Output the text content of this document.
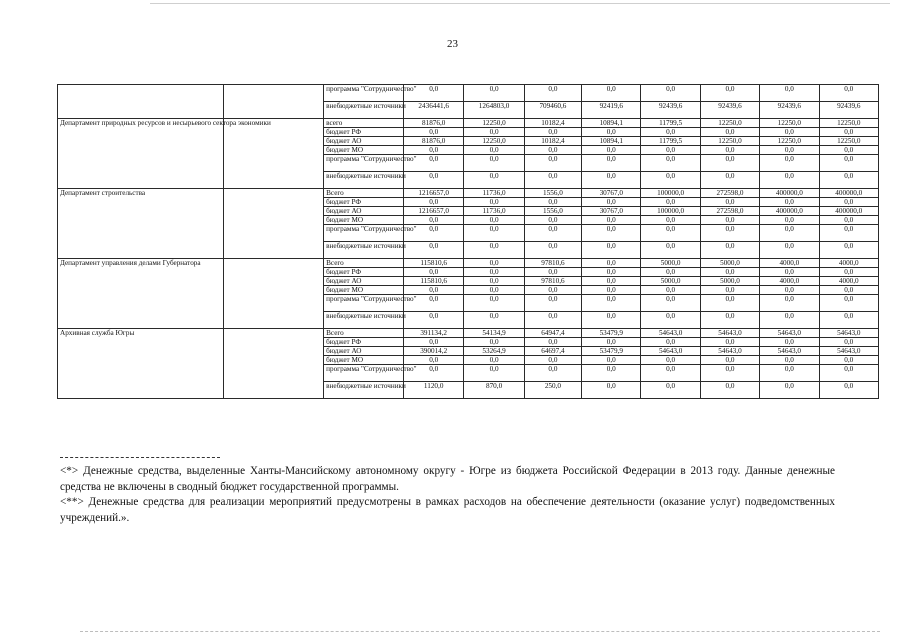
23
		программа "Сотрудничество"	0,0	0,0	0,0	0,0	0,0	0,0	0,0	0,0
		внебюджетные источники	2436441,6	1264803,0	709460,6	92419,6	92439,6	92439,6	92439,6	92439,6
Департамент природных ресурсов и несырьевого сектора экономики		всего	81876,0	12250,0	10182,4	10894,1	11799,5	12250,0	12250,0	12250,0
		бюджет РФ	0,0	0,0	0,0	0,0	0,0	0,0	0,0	0,0
		бюджет АО	81876,0	12250,0	10182,4	10894,1	11799,5	12250,0	12250,0	12250,0
		бюджет МО	0,0	0,0	0,0	0,0	0,0	0,0	0,0	0,0
		программа "Сотрудничество"	0,0	0,0	0,0	0,0	0,0	0,0	0,0	0,0
		внебюджетные источники	0,0	0,0	0,0	0,0	0,0	0,0	0,0	0,0
Департамент строительства		Всего	1216657,0	11736,0	1556,0	30767,0	100000,0	272598,0	400000,0	400000,0
		бюджет РФ	0,0	0,0	0,0	0,0	0,0	0,0	0,0	0,0
		бюджет АО	1216657,0	11736,0	1556,0	30767,0	100000,0	272598,0	400000,0	400000,0
		бюджет МО	0,0	0,0	0,0	0,0	0,0	0,0	0,0	0,0
		программа "Сотрудничество"	0,0	0,0	0,0	0,0	0,0	0,0	0,0	0,0
		внебюджетные источники	0,0	0,0	0,0	0,0	0,0	0,0	0,0	0,0
Департамент управления делами Губернатора		Всего	115810,6	0,0	97810,6	0,0	5000,0	5000,0	4000,0	4000,0
		бюджет РФ	0,0	0,0	0,0	0,0	0,0	0,0	0,0	0,0
		бюджет АО	115810,6	0,0	97810,6	0,0	5000,0	5000,0	4000,0	4000,0
		бюджет МО	0,0	0,0	0,0	0,0	0,0	0,0	0,0	0,0
		программа "Сотрудничество"	0,0	0,0	0,0	0,0	0,0	0,0	0,0	0,0
		внебюджетные источники	0,0	0,0	0,0	0,0	0,0	0,0	0,0	0,0
Архивная служба Югры		Всего	391134,2	54134,9	64947,4	53479,9	54643,0	54643,0	54643,0	54643,0
		бюджет РФ	0,0	0,0	0,0	0,0	0,0	0,0	0,0	0,0
		бюджет АО	390014,2	53264,9	64697,4	53479,9	54643,0	54643,0	54643,0	54643,0
		бюджет МО	0,0	0,0	0,0	0,0	0,0	0,0	0,0	0,0
		программа "Сотрудничество"	0,0	0,0	0,0	0,0	0,0	0,0	0,0	0,0
		внебюджетные источники	1120,0	870,0	250,0	0,0	0,0	0,0	0,0	0,0

<*> Денежные средства, выделенные Ханты-Мансийскому автономному округу - Югре из бюджета Российской Федерации в 2013 году. Данные денежные средства не включены в сводный бюджет государственной программы.

<**> Денежные средства для реализации мероприятий предусмотрены в рамках расходов на обеспечение деятельности (оказание услуг) подведомственных учреждений.».
